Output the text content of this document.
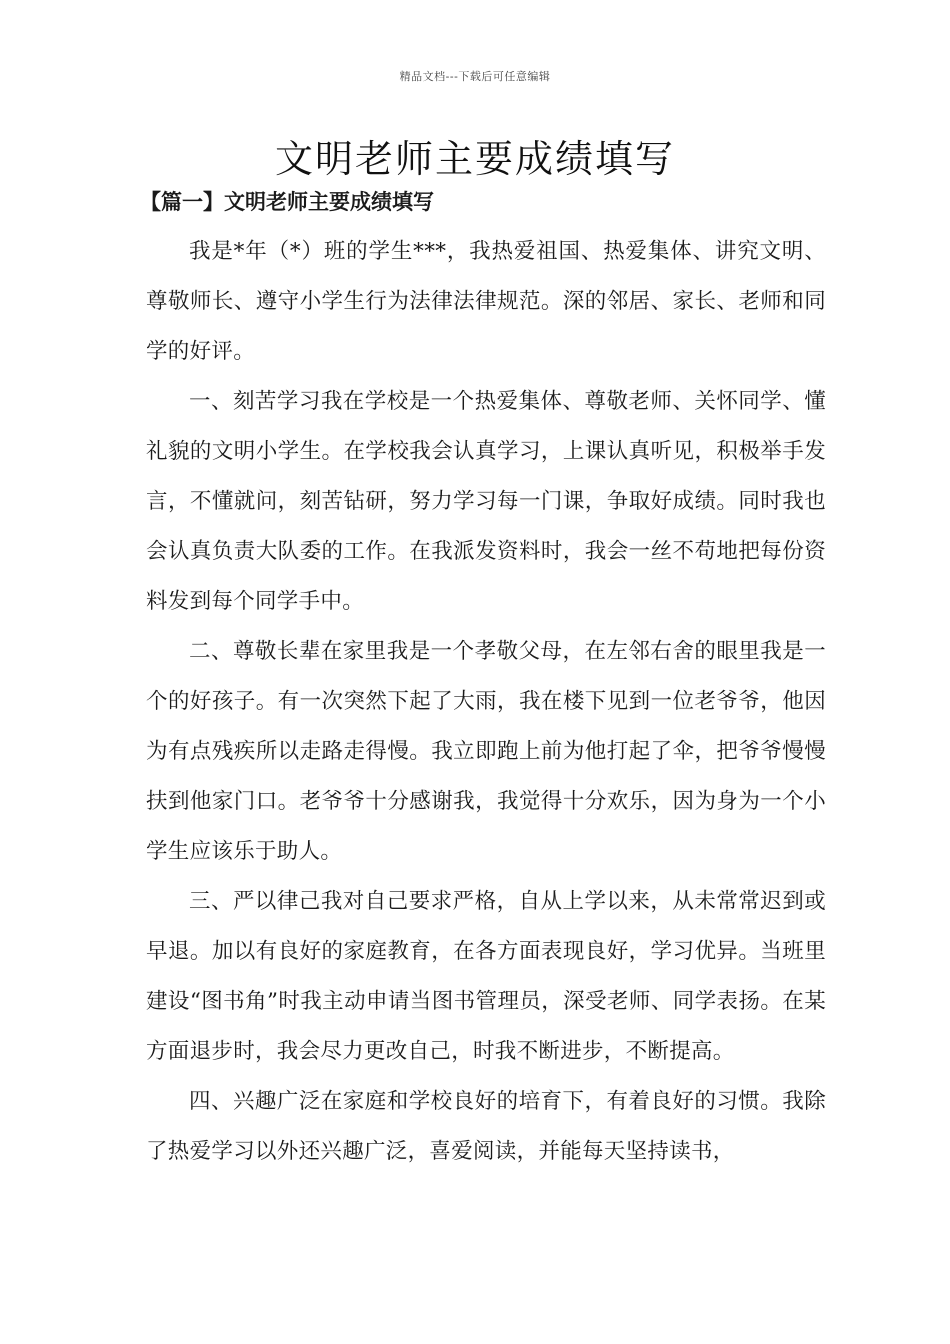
精品文档---下载后可任意编辑
文明老师主要成绩填写
【篇一】文明老师主要成绩填写

我是*年（*）班的学生***，我热爱祖国、热爱集体、讲究文明、尊敬师长、遵守小学生行为法律法律规范。深的邻居、家长、老师和同学的好评。

一、刻苦学习我在学校是一个热爱集体、尊敬老师、关怀同学、懂礼貌的文明小学生。在学校我会认真学习，上课认真听见，积极举手发言，不懂就问，刻苦钻研，努力学习每一门课，争取好成绩。同时我也会认真负责大队委的工作。在我派发资料时，我会一丝不苟地把每份资料发到每个同学手中。

二、尊敬长辈在家里我是一个孝敬父母，在左邻右舍的眼里我是一个的好孩子。有一次突然下起了大雨，我在楼下见到一位老爷爷，他因为有点残疾所以走路走得慢。我立即跑上前为他打起了伞，把爷爷慢慢扶到他家门口。老爷爷十分感谢我，我觉得十分欢乐，因为身为一个小学生应该乐于助人。

三、严以律己我对自己要求严格，自从上学以来，从未常常迟到或早退。加以有良好的家庭教育，在各方面表现良好，学习优异。当班里建设“图书角”时我主动申请当图书管理员，深受老师、同学表扬。在某方面退步时，我会尽力更改自己，时我不断进步，不断提高。

四、兴趣广泛在家庭和学校良好的培育下，有着良好的习惯。我除了热爱学习以外还兴趣广泛，喜爱阅读，并能每天坚持读书，
